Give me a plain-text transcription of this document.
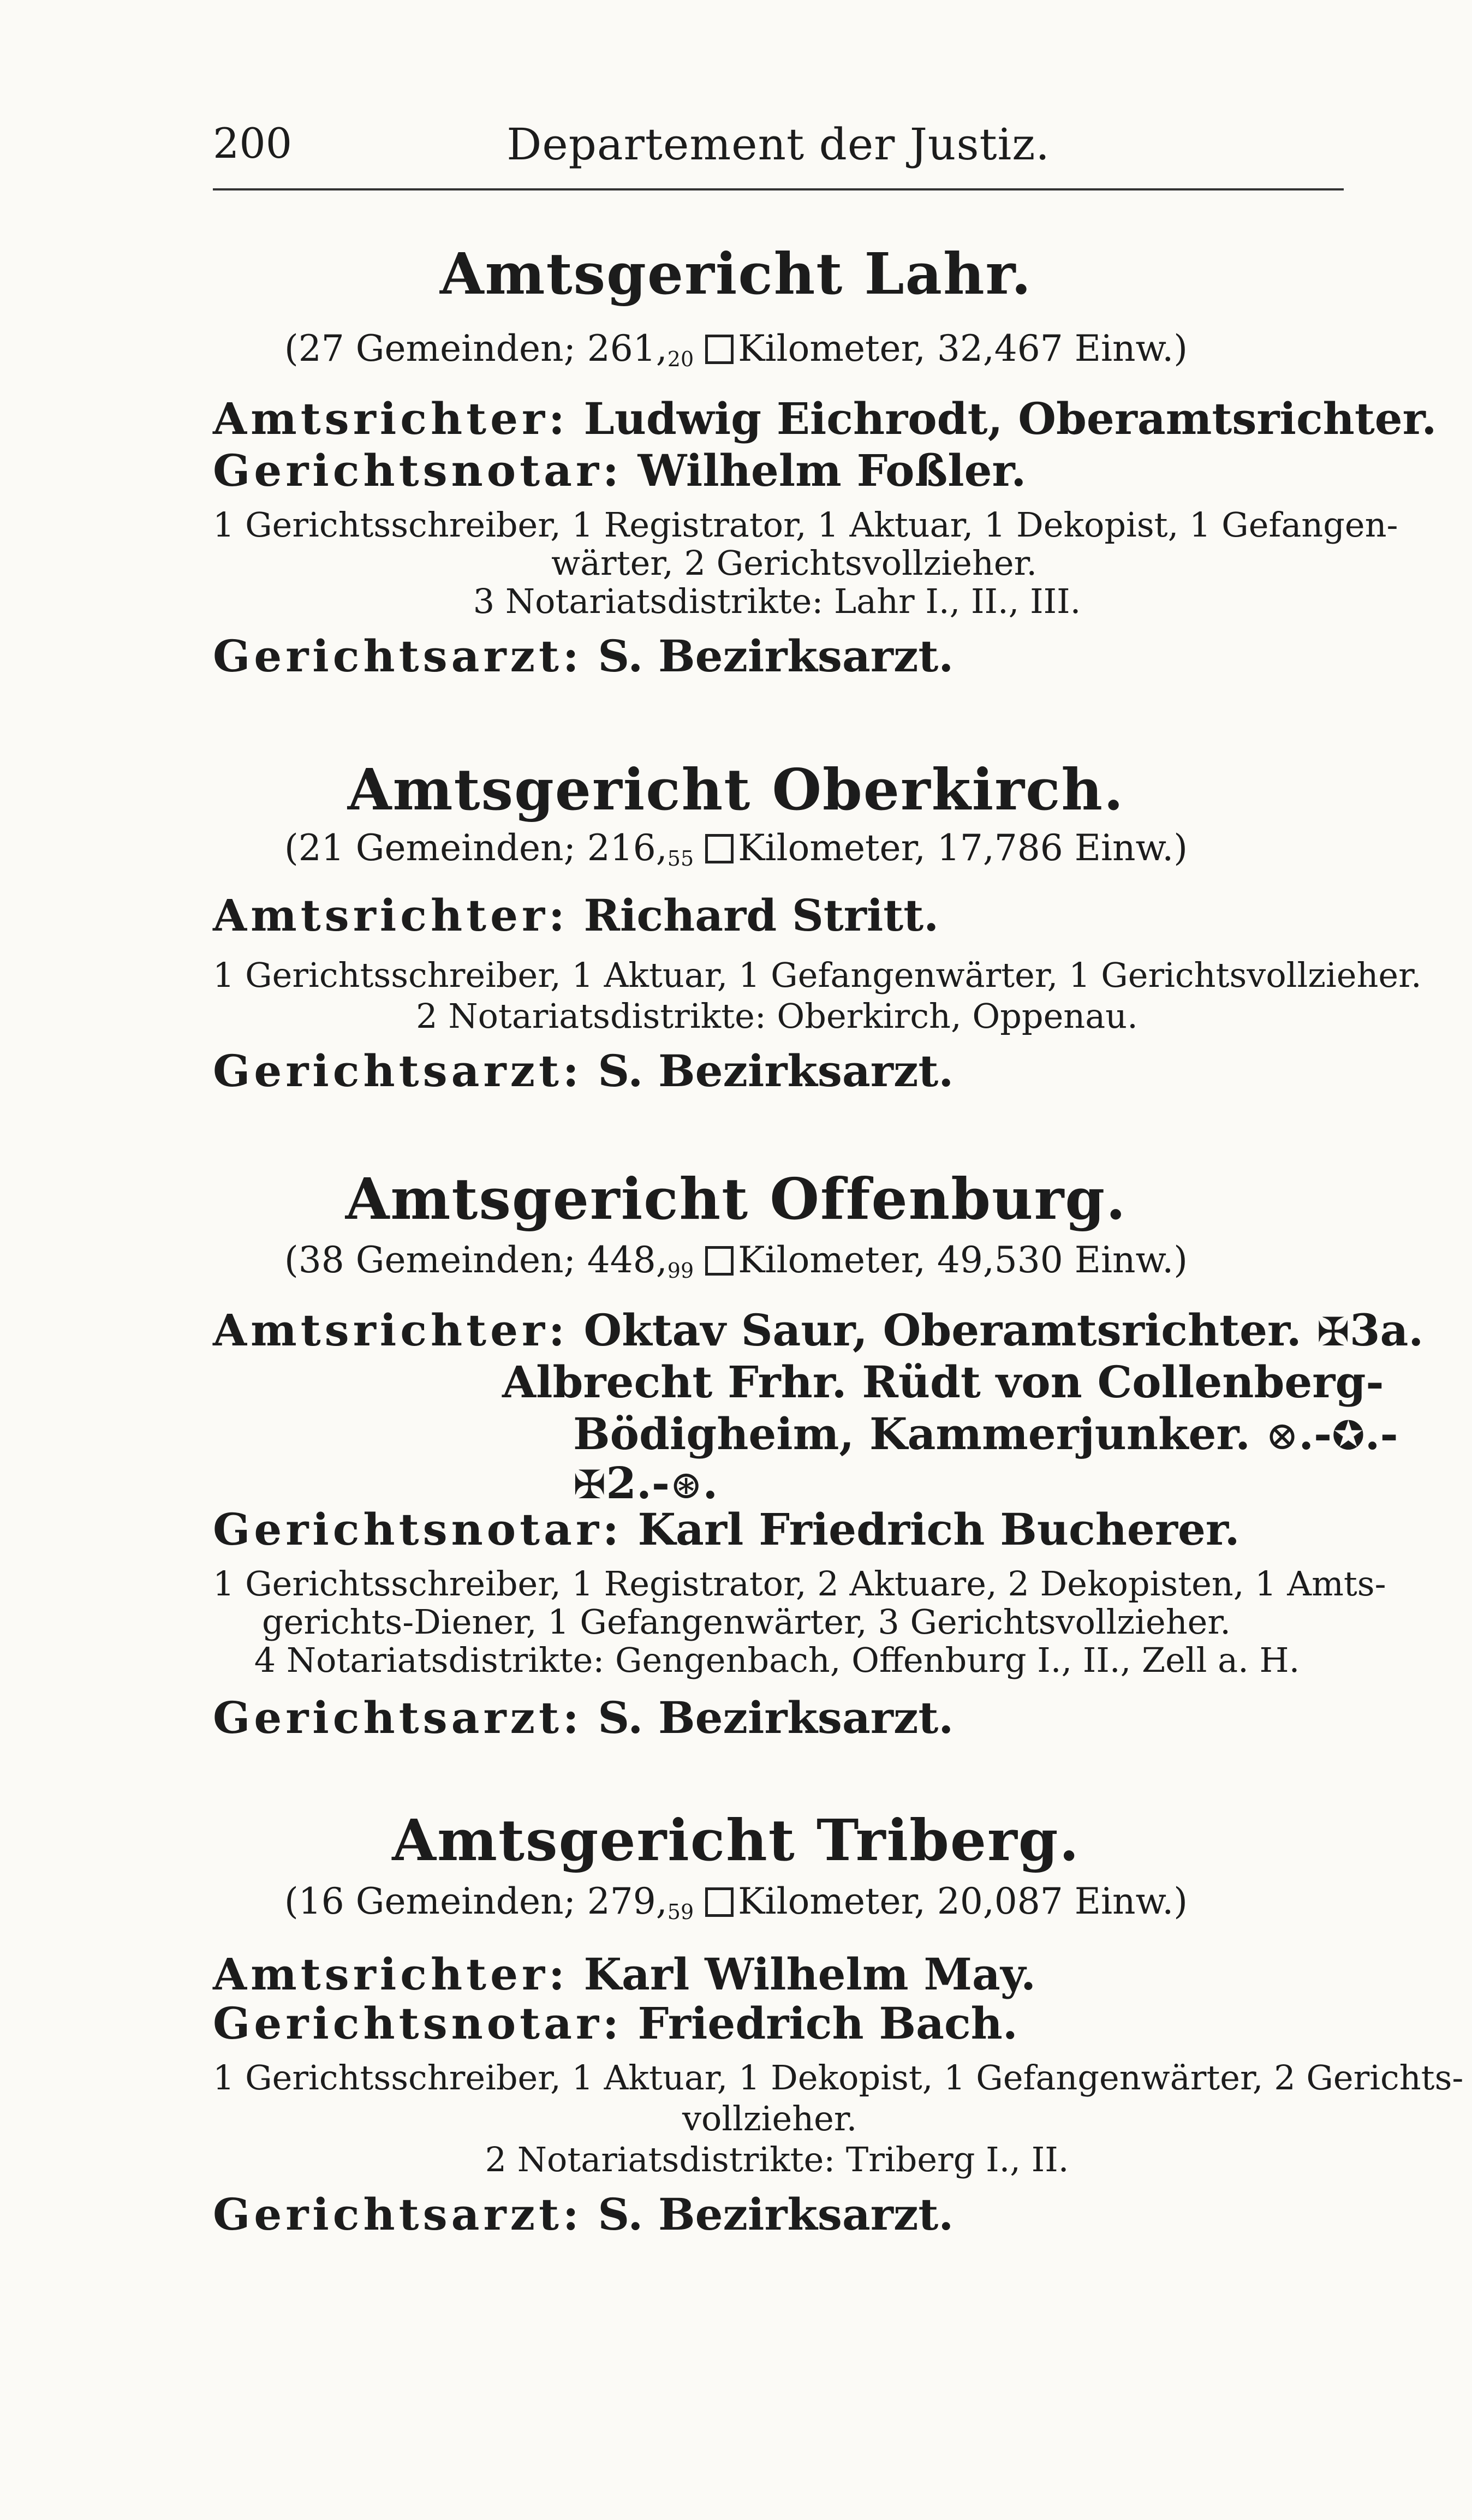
200	Departement der Justiz.
Amtsgericht Lahr.
(27 Gemeinden; $261,_{20}$ Kilometer, 32,467 Einw.)
Amtsrichter: Ludwig Eichrodt, Oberamtsrichter.
Gerichtsnotar: Wilhelm Foßler.
1 Gerichtsschreiber, 1 Registrator, 1 Aktuar, 1 Dekopist, 1 Gefangen-
wärter, 2 Gerichtsvollzieher.
3 Notariatsdistrikte: Lahr I., II., III.
Gerichtsarzt: S. Bezirksarzt.
Amtsgericht Oberkirch.
(21 Gemeinden; $216,_{55}$ Kilometer, 17,786 Einw.)
Amtsrichter: Richard Stritt.
1 Gerichtsschreiber, 1 Aktuar, 1 Gefangenwärter, 1 Gerichtsvollzieher.
2 Notariatsdistrikte: Oberkirch, Oppenau.
Gerichtsarzt: S. Bezirksarzt.
Amtsgericht Offenburg.
(38 Gemeinden; $448,_{99}$ Kilometer, 49,530 Einw.)
Amtsrichter: Oktav Saur, Oberamtsrichter. ✠3a.
Albrecht Frhr. Rüdt von Collenberg-
Bödigheim, Kammerjunker. ⊗.-✪.-
✠2.-⊛.
Gerichtsnotar: Karl Friedrich Bucherer.
1 Gerichtsschreiber, 1 Registrator, 2 Aktuare, 2 Dekopisten, 1 Amts-
gerichts-Diener, 1 Gefangenwärter, 3 Gerichtsvollzieher.
4 Notariatsdistrikte: Gengenbach, Offenburg I., II., Zell a. H.
Gerichtsarzt: S. Bezirksarzt.
Amtsgericht Triberg.
(16 Gemeinden; $279,_{59}$ Kilometer, 20,087 Einw.)
Amtsrichter: Karl Wilhelm May.
Gerichtsnotar: Friedrich Bach.
1 Gerichtsschreiber, 1 Aktuar, 1 Dekopist, 1 Gefangenwärter, 2 Gerichts-
vollzieher.
2 Notariatsdistrikte: Triberg I., II.
Gerichtsarzt: S. Bezirksarzt.
